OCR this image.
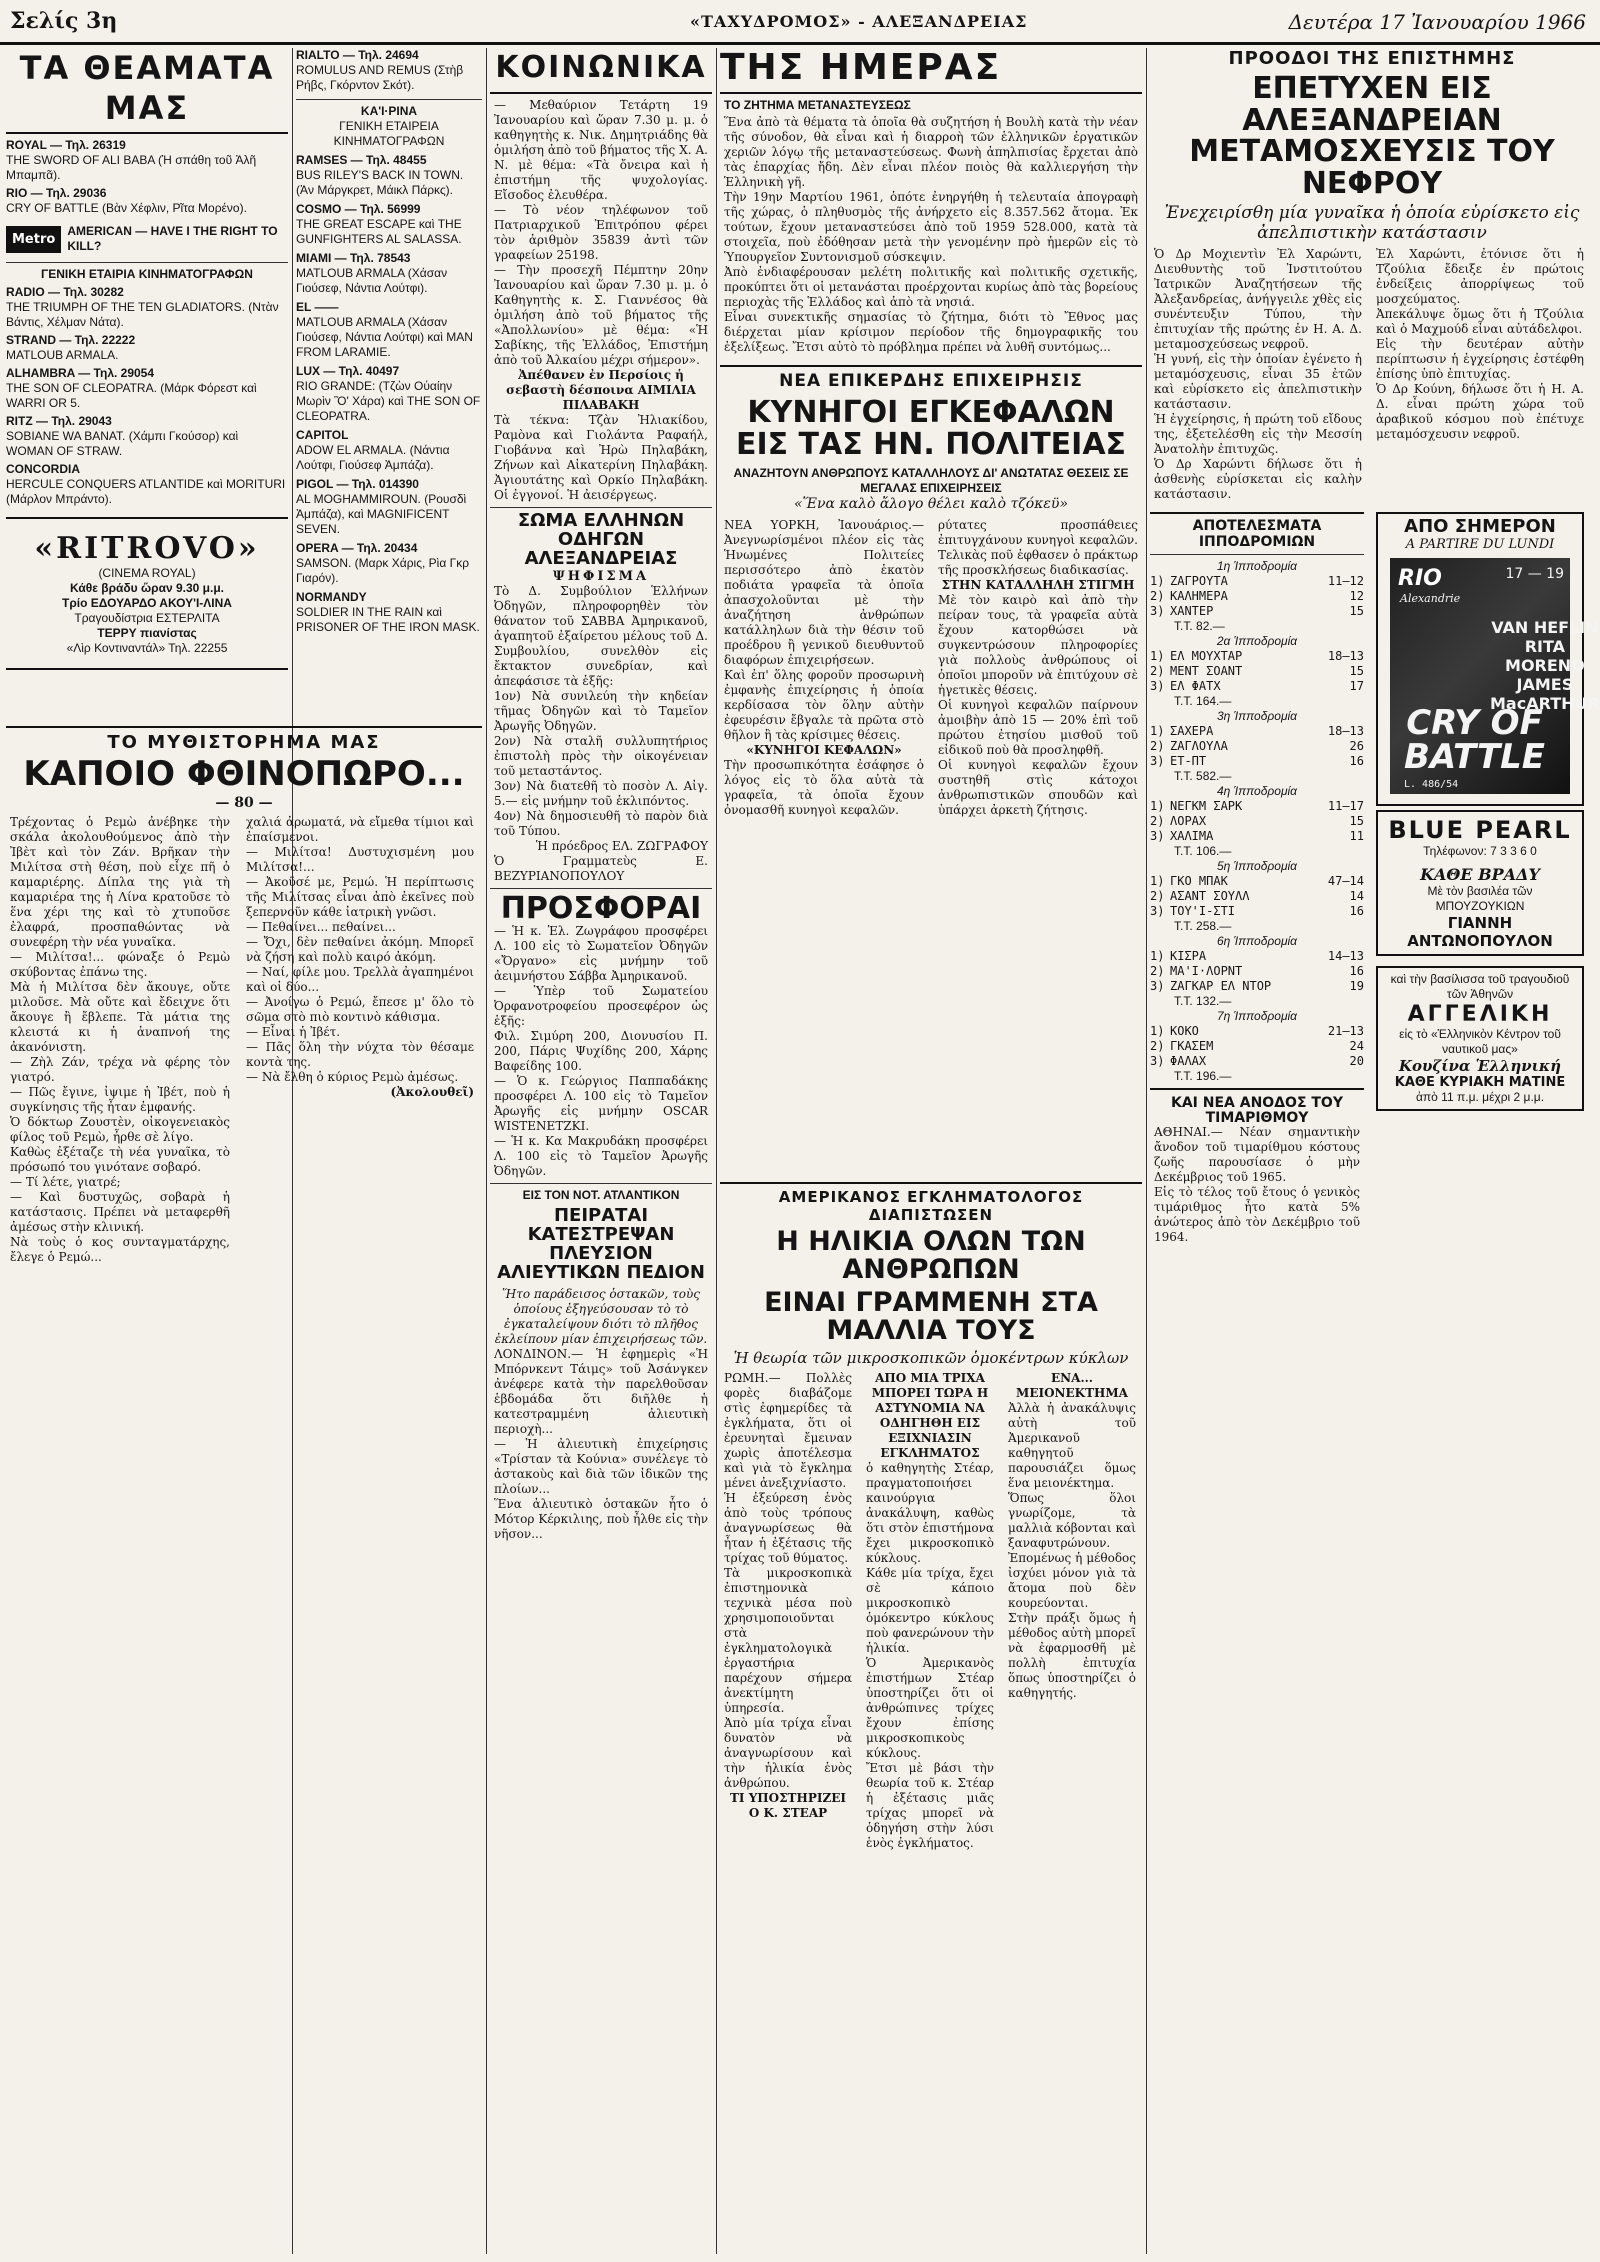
Σελίς 3η	«ΤΑΧΥΔΡΟΜΟΣ» - ΑΛΕΞΑΝΔΡΕΙΑΣ	Δευτέρα 17 Ἰανουαρίου 1966
ΤΑ ΘΕΑΜΑΤΑ ΜΑΣ
ROYAL — Τηλ. 26319
THE SWORD OF ALI BABA (Ἡ σπάθη τοῦ Ἀλῆ Μπαμπᾶ).
RIO — Τηλ. 29036
CRY OF BATTLE (Βὰν Χέφλιν, Ρῖτα Μορένο).
Metro
AMERICAN — HAVE I THE RIGHT TO KILL?
ΓΕΝΙΚΗ ΕΤΑΙΡΙΑ ΚΙΝΗΜΑΤΟΓΡΑΦΩΝ
RADIO — Τηλ. 30282
THE TRIUMPH OF THE TEN GLADIATORS. (Ντὰν Βάντις, Χέλμαν Νάτα).
STRAND — Τηλ. 22222
MATLOUB ARMALA.
ALHAMBRA — Τηλ. 29054
THE SON OF CLEOPATRA. (Μάρκ Φόρεστ καὶ WARRI OR 5.
RITZ — Τηλ. 29043
SOBIANE WA BANAT. (Χάμπι Γκούσορ) καὶ WOMAN OF STRAW.
CONCORDIA
HERCULE CONQUERS ATLANTIDE καὶ MORITURI (Μάρλον Μπράντο).
«RITROVO»
(CINEMA ROYAL)
Κάθε βράδυ ὥραν 9.30 μ.μ.
Τρίο ΕΔΟΥΑΡΔΟ ΑΚΟΥ'Ι-ΛΙΝΑ
Τραγουδίστρια ΕΣΤΕΡΛΙΤΑ
ΤΕΡΡΥ πιανίστας
«Λὶρ Κοντιναντάλ» Τηλ. 22255
RIALTO — Τηλ. 24694
ROMULUS AND REMUS (Στὴβ Ρήβς, Γκόρντον Σκότ).
ΚΑ'Ι·ΡΙΝΑ
ΓΕΝΙΚΗ ΕΤΑΙΡΕΙΑ ΚΙΝΗΜΑΤΟΓΡΑΦΩΝ
RAMSES — Τηλ. 48455
BUS RILEY'S BACK IN TOWN. (Ἀν Μάργκρετ, Μάικλ Πάρκς).
COSMO — Τηλ. 56999
THE GREAT ESCAPE καὶ THE GUNFIGHTERS AL SALASSA.
MIAMI — Τηλ. 78543
MATLOUB ARMALA (Χάσαν Γιούσεφ, Νάντια Λούτφι).
EL ——
MATLOUB ARMALA (Χάσαν Γιούσεφ, Νάντια Λούτφι) καὶ MAN FROM LARAMIE.
LUX — Τηλ. 40497
RIO GRANDE: (Τζὼν Οὐαίην Μωρὶν Ὃ' Χάρα) καὶ THE SON OF CLEOPATRA.
CAPITOL
ADOW EL ARMALA. (Νάντια Λούτφι, Γιούσεφ Ἀμπάζα).
PIGOL — Τηλ. 014390
AL MOGHAMMIROUN. (Ρουσδὶ Ἀμπάζα), καὶ MAGNIFICENT SEVEN.
OPERA — Τηλ. 20434
SAMSON. (Μαρκ Χάρις, Ρὶα Γκρ Γιαρόν).
NORMANDY
SOLDIER IN THE RAIN καὶ PRISONER OF THE IRON MASK.
ΤΟ ΜΥΘΙΣΤΟΡΗΜΑ ΜΑΣ
ΚΑΠΟΙΟ ΦΘΙΝΟΠΩΡΟ...
— 80 —

Τρέχοντας ὁ Ρεμὼ ἀνέβηκε τὴν σκάλα ἀκολουθούμενος ἀπὸ τὴν Ἰβὲτ καὶ τὸν Ζάν. Βρῆκαν τὴν Μιλίτσα στὴ θέση, ποὺ εἶχε πῆ ὁ καμαριέρης. Δίπλα της γιὰ τὴ καμαριέρα της ἡ Λίνα κρατοῦσε τὸ ἕνα χέρι της καὶ τὸ χτυποῦσε ἐλαφρά, προσπαθώντας νὰ συνεφέρη τὴν νέα γυναῖκα.

— Μιλίτσα!... φώναξε ὁ Ρεμὼ σκύβοντας ἐπάνω της.

Μὰ ἡ Μιλίτσα δὲν ἄκουγε, οὔτε μιλοῦσε. Μὰ οὔτε καὶ ἔδειχνε ὅτι ἄκουγε ἢ ἔβλεπε. Τὰ μάτια της κλειστά κι ἡ ἀναπνοή της ἀκανόνιστη.

— Ζὴλ Ζάν, τρέχα νὰ φέρης τὸν γιατρό.

— Πῶς ἔγινε, ἰψιμε ἡ Ἰβέτ, ποὺ ἡ συγκίνησις τῆς ἦταν ἐμφανής.

Ὁ δόκτωρ Ζουστὲν, οἰκογενειακὸς φίλος τοῦ Ρεμὼ, ἦρθε σὲ λίγο.

Καθὼς ἐξέταζε τὴ νέα γυναῖκα, τὸ πρόσωπό του γινότανε σοβαρό.

— Τί λέτε, γιατρέ;

— Καὶ δυστυχῶς, σοβαρὰ ἡ κατάστασις. Πρέπει νὰ μεταφερθῆ ἀμέσως στὴν κλινική.

Νὰ τοὺς ὁ κος συνταγματάρχης, ἔλεγε ὁ Ρεμώ...

χαλιά ἀρωματά, νὰ εἴμεθα τίμιοι καὶ ἐπαίσμενοι.

— Μιλίτσα! Δυστυχισμένη μου Μιλίτσα!...

— Ἀκοῦσέ με, Ρεμώ. Ἡ περίπτωσις τῆς Μιλίτσας εἶναι ἀπὸ ἐκεῖνες ποὺ ξεπερνοῦν κάθε ἰατρικὴ γνῶσι.

— Πεθαίνει... πεθαίνει...

— Ὄχι, δὲν πεθαίνει ἀκόμη. Μπορεῖ νὰ ζήση καὶ πολὺ καιρό ἀκόμη.

— Ναί, φίλε μου. Τρελλὰ ἀγαπημένοι καὶ οἱ δύο...

— Ἀνοίγω ὁ Ρεμώ, ἔπεσε μ' ὅλο τὸ σῶμα στὸ πιὸ κοντινὸ κάθισμα.

— Εἶναι ἡ Ἰβέτ.

— Πᾶς ὅλη τὴν νύχτα τὸν θέσαμε κοντὰ της.

— Νὰ ἔλθη ὁ κύριος Ρεμὼ ἀμέσως.

(Ἀκολουθεῖ)

ΚΟΙΝΩΝΙΚΑ

— Μεθαύριον Τετάρτη 19 Ἰανουαρίου καὶ ὥραν 7.30 μ. μ. ὁ καθηγητὴς κ. Νικ. Δημητριάδης θὰ ὁμιλήση ἀπὸ τοῦ βήματος τῆς Χ. Α. Ν. μὲ θέμα: «Τὰ ὄνειρα καὶ ἡ ἐπιστήμη τῆς ψυχολογίας. Εἴσοδος ἐλευθέρα.

— Τὸ νέον τηλέφωνον τοῦ Πατριαρχικοῦ Ἐπιτρόπου φέρει τὸν ἀριθμὸν 35839 ἀντὶ τῶν γραφείων 25198.

— Τὴν προσεχῆ Πέμπτην 20ην Ἰανουαρίου καὶ ὥραν 7.30 μ. μ. ὁ Καθηγητὴς κ. Σ. Γιαννέσος θὰ ὁμιλήση ἀπὸ τοῦ βήματος τῆς «Ἀπολλωνίου» μὲ θέμα: «Ἡ Σαβίκης, τῆς Ἑλλάδος, Ἐπιστήμη ἀπὸ τοῦ Ἀλκαίου μέχρι σήμερον».

Ἀπέθανεν ἐν Περσίοις ἡ σεβαστὴ δέσποινα ΑΙΜΙΛΙΑ ΠΙΛΑΒΑΚΗ

Τὰ τέκνα: Τζὰν Ἠλιακίδου, Ραμὸνα καὶ Γιολάντα Ραφαήλ, Γιοβάννα καὶ Ἠρὼ Πηλαβάκη, Ζήνων καὶ Αἰκατερίνη Πηλαβάκη. Ἀγιουτάτης καὶ Ορκίο Πηλαβάκη. Οἱ ἐγγονοί. Ἡ ἀεισέργεως.

ΣΩΜΑ ΕΛΛΗΝΩΝ ΟΔΗΓΩΝ ΑΛΕΞΑΝΔΡΕΙΑΣ
ΨΗΦΙΣΜΑ

Τὸ Δ. Συμβούλιον Ἑλλήνων Ὀδηγῶν, πληροφορηθὲν τὸν θάνατον τοῦ ΣΑΒΒΑ Ἀμηρικανοῦ, ἀγαπητοῦ ἐξαίρετου μέλους τοῦ Δ. Συμβουλίου, συνελθὸν εἰς ἔκτακτον συνεδρίαν, καὶ ἀπεφάσισε τὰ ἑξῆς:

1ον) Νὰ συνιλεύη τὴν κηδείαν τῆμας Ὀδηγῶν καὶ τὸ Ταμεῖον Ἀρωγῆς Ὀδηγῶν.

2ον) Νὰ σταλῆ συλλυπητήριος ἐπιστολὴ πρὸς τὴν οἰκογένειαν τοῦ μεταστάντος.

3ον) Νὰ διατεθῆ τὸ ποσὸν Λ. Αἰγ. 5.— εἰς μνήμην τοῦ ἐκλιπόντος.

4ον) Νὰ δημοσιευθῆ τὸ παρὸν διὰ τοῦ Τύπου.

Ἡ πρόεδρος ΕΛ. ΖΩΓΡΑΦΟΥ

Ὁ Γραμματεὺς Ε. ΒΕΖΥΡΙΑΝΟΠΟΥΛΟΥ

ΠΡΟΣΦΟΡΑΙ

— Ἡ κ. Ἑλ. Ζωγράφου προσφέρει Λ. 100 εἰς τὸ Σωματεῖον Ὀδηγῶν «Ὄργανο» εἰς μνήμην τοῦ ἀειμνήστου Σάββα Ἀμηρικανοῦ.

— Ὑπὲρ τοῦ Σωματείου Ὀρφανοτροφείου προσεφέρον ὡς ἑξῆς:

Φιλ. Σιμύρη 200, Διονυσίου Π. 200, Πάρις Ψυχίδης 200, Χάρης Βαφείδης 100.

— Ὁ κ. Γεώργιος Παππαδάκης προσφέρει Λ. 100 εἰς τὸ Ταμεῖον Ἀρωγῆς εἰς μνήμην OSCAR WISTENETZKI.

— Ἡ κ. Κα Μακρυδάκη προσφέρει Λ. 100 εἰς τὸ Ταμεῖον Ἀρωγῆς Ὀδηγῶν.

ΕΙΣ ΤΟΝ ΝΟΤ. ΑΤΛΑΝΤΙΚΟΝ
ΠΕΙΡΑΤΑΙ ΚΑΤΕΣΤΡΕΨΑΝ ΠΛΕΥΣΙΟΝ ΑΛΙΕΥΤΙΚΩΝ ΠΕΔΙΟΝ

Ἥτο παράδεισος ὁστακῶν, τοὺς ὁποίους ἐξηγεύσουσαν τὸ τὸ ἐγκαταλείψουν διότι τὸ πλῆθος ἐκλείπουν μίαν ἐπιχειρήσεως τῶν.

ΛΟΝΔΙΝΟΝ.— Ἡ ἐφημερὶς «Ἡ Μπόρνκεντ Τάιμς» τοῦ Ἀσάνγκεν ἀνέφερε κατὰ τὴν παρελθοῦσαν ἑβδομάδα ὅτι διῆλθε ἡ κατεστραμμένη ἀλιευτικὴ περιοχὴ...

— Ἡ ἀλιευτικὴ ἐπιχείρησις «Τρίσταν τὰ Κούνια» συνέλεγε τὸ ἀστακοὺς καὶ διὰ τῶν ἰδικῶν της πλοίων...

Ἕνα ἀλιευτικὸ ὁστακῶν ἦτο ὁ Μότορ Κέρκιλιης, ποὺ ἦλθε εἰς τὴν νῆσον...

ΤΗΣ ΗΜΕΡΑΣ
ΤΟ ΖΗΤΗΜΑ ΜΕΤΑΝΑΣΤΕΥΣΕΩΣ

Ἕνα ἀπὸ τὰ θέματα τὰ ὁποῖα θὰ συζητήση ἡ Βουλὴ κατὰ τὴν νέαν τῆς σύνοδον, θὰ εἶναι καὶ ἡ διαρροὴ τῶν ἑλληνικῶν ἐργατικῶν χεριῶν λόγῳ τῆς μεταναστεύσεως. Φωνὴ ἀπηλπισίας ἔρχεται ἀπὸ τὰς ἐπαρχίας ἤδη. Δὲν εἶναι πλέον ποιὸς θὰ καλλιεργήση τὴν Ἑλληνικὴ γῆ.

Τὴν 19ην Μαρτίου 1961, ὁπότε ἐνηργήθη ἡ τελευταία ἀπογραφὴ τῆς χώρας, ὁ πληθυσμὸς τῆς ἀνήρχετο εἰς 8.357.562 ἄτομα. Ἐκ τούτων, ἔχουν μεταναστεύσει ἀπὸ τοῦ 1959 528.000, κατὰ τὰ στοιχεῖα, ποὺ ἐδόθησαν μετὰ τὴν γενομένην πρὸ ἡμερῶν εἰς τὸ Ὑπουργεῖον Συντονισμοῦ σύσκεψιν.

Ἀπὸ ἐνδιαφέρουσαν μελέτη πολιτικῆς καὶ πολιτικῆς σχετικῆς, προκύπτει ὅτι οἱ μετανάσται προέρχονται κυρίως ἀπὸ τὰς βορείους περιοχὰς τῆς Ἑλλάδος καὶ ἀπὸ τὰ νησιά.

Εἶναι συνεκτικῆς σημασίας τὸ ζήτημα, διότι τὸ Ἔθνος μας διέρχεται μίαν κρίσιμον περίοδον τῆς δημογραφικῆς του ἐξελίξεως. Ἔτσι αὐτὸ τὸ πρόβλημα πρέπει νὰ λυθῆ συντόμως...

ΝΕΑ ΕΠΙΚΕΡΔΗΣ ΕΠΙΧΕΙΡΗΣΙΣ
ΚΥΝΗΓΟΙ ΕΓΚΕΦΑΛΩΝ ΕΙΣ ΤΑΣ ΗΝ. ΠΟΛΙΤΕΙΑΣ
ΑΝΑΖΗΤΟΥΝ ΑΝΘΡΩΠΟΥΣ ΚΑΤΑΛΛΗΛΟΥΣ ΔΙ' ΑΝΩΤΑΤΑΣ ΘΕΣΕΙΣ ΣΕ ΜΕΓΑΛΑΣ ΕΠΙΧΕΙΡΗΣΕΙΣ
«Ἕνα καλὸ ἄλογο θέλει καλὸ τζόκεϋ»

ΝΕΑ ΥΟΡΚΗ, Ἰανουάριος.— Ἀνεγνωρίσμένοι πλέον εἰς τὰς Ἡνωμένες Πολιτείες περισσότερο ἀπὸ ἑκατὸν ποδιάτα γραφεῖα τὰ ὁποῖα ἀπασχολοῦνται μὲ τὴν ἀναζήτηση ἀνθρώπων κατάλληλων διὰ τὴν θέσιν τοῦ προέδρου ἢ γενικοῦ διευθυντοῦ διαφόρων ἐπιχειρήσεων.

Καὶ ἐπ' ὅλης φοροῦν προσωρινὴ ἐμφανὴς ἐπιχείρησις ἡ ὁποία κερδίσασα τὸν ὅλην αὐτὴν ἐφευρέσιν ἔβγαλε τὰ πρῶτα στὸ θῆλον ἢ τὰς κρίσιμες θέσεις.

«ΚΥΝΗΓΟΙ ΚΕΦΑΛΩΝ»

Τὴν προσωπικότητα ἐσάφησε ὁ λόγος εἰς τὸ ὅλα αὐτὰ τὰ γραφεῖα, τὰ ὁποῖα ἔχουν ὀνομασθῆ κυνηγοὶ κεφαλῶν.

ρύτατες προσπάθειες ἐπιτυγχάνουν κυνηγοὶ κεφαλῶν. Τελικὰς ποῦ ἐφθασεν ὁ πράκτωρ τῆς προσκλήσεως διαδικασίας.

ΣΤΗΝ ΚΑΤΑΛΛΗΛΗ ΣΤΙΓΜΗ

Μὲ τὸν καιρὸ καὶ ἀπὸ τὴν πείραν τους, τὰ γραφεῖα αὐτὰ ἔχουν κατορθώσει νὰ συγκεντρώσουν πληροφορίες γιὰ πολλοὺς ἀνθρώπους οἱ ὁποῖοι μποροῦν νὰ ἐπιτύχουν σὲ ἡγετικὲς θέσεις.

Οἱ κυνηγοὶ κεφαλῶν παίρνουν ἀμοιβὴν ἀπὸ 15 — 20% ἐπὶ τοῦ πρώτου ἐτησίου μισθοῦ τοῦ εἰδικοῦ ποὺ θὰ προσληφθῆ.

Οἱ κυνηγοὶ κεφαλῶν ἔχουν συστηθῆ στὶς κάτοχοι ἀνθρωπιστικῶν σπουδῶν καὶ ὑπάρχει ἀρκετὴ ζήτησις.

ΑΜΕΡΙΚΑΝΟΣ ΕΓΚΛΗΜΑΤΟΛΟΓΟΣ ΔΙΑΠΙΣΤΩΣΕΝ
Η ΗΛΙΚΙΑ ΟΛΩΝ ΤΩΝ ΑΝΘΡΩΠΩΝ
ΕΙΝΑΙ ΓΡΑΜΜΕΝΗ ΣΤΑ ΜΑΛΛΙΑ ΤΟΥΣ
Ἡ θεωρία τῶν μικροσκοπικῶν ὁμοκέντρων κύκλων

ΡΩΜΗ.— Πολλὲς φορὲς διαβάζομε στὶς ἐφημερίδες τὰ ἐγκλήματα, ὅτι οἱ ἐρευνηταὶ ἔμειναν χωρὶς ἀποτέλεσμα καὶ γιὰ τὸ ἔγκλημα μένει ἀνεξιχνίαστο.

Ἡ ἐξεύρεση ἑνὸς ἀπὸ τοὺς τρόπους ἀναγνωρίσεως θὰ ἦταν ἡ ἐξέτασις τῆς τρίχας τοῦ θύματος.

Τὰ μικροσκοπικὰ ἐπιστημονικὰ τεχνικὰ μέσα ποὺ χρησιμοποιοῦνται στὰ ἐγκληματολογικὰ ἐργαστήρια παρέχουν σήμερα ἀνεκτίμητη ὑπηρεσία.

Ἀπὸ μία τρίχα εἶναι δυνατὸν νὰ ἀναγνωρίσουν καὶ τὴν ἡλικία ἑνὸς ἀνθρώπου.

ΤΙ ΥΠΟΣΤΗΡΙΖΕΙ Ο Κ. ΣΤΕΑΡ

ΑΠΟ ΜΙΑ ΤΡΙΧΑ ΜΠΟΡΕΙ ΤΩΡΑ Η ΑΣΤΥΝΟΜΙΑ ΝΑ ΟΔΗΓΗΘΗ ΕΙΣ ΕΞΙΧΝΙΑΣΙΝ ΕΓΚΛΗΜΑΤΟΣ

ὁ καθηγητὴς Στέαρ, πραγματοποιήσει καινούργια ἀνακάλυψη, καθὼς ὅτι στὸν ἐπιστήμονα ἔχει μικροσκοπικὸ κύκλους.

Κάθε μία τρίχα, ἔχει σὲ κάποιο μικροσκοπικὸ ὁμόκεντρο κύκλους ποὺ φανερώνουν τὴν ἡλικία.

Ὁ Ἀμερικανὸς ἐπιστήμων Στέαρ ὑποστηρίζει ὅτι οἱ ἀνθρώπινες τρίχες ἔχουν ἐπίσης μικροσκοπικοὺς κύκλους.

Ἔτσι μὲ βάσι τὴν θεωρία τοῦ κ. Στέαρ ἡ ἐξέτασις μιᾶς τρίχας μπορεῖ νὰ ὁδηγήση στὴν λύσι ἑνὸς ἐγκλήματος.

ΕΝΑ... ΜΕΙΟΝΕΚΤΗΜΑ

Ἀλλὰ ἡ ἀνακάλυψις αὐτὴ τοῦ Ἀμερικανοῦ καθηγητοῦ παρουσιάζει ὅμως ἕνα μειονέκτημα.

Ὅπως ὅλοι γνωρίζομε, τὰ μαλλιὰ κόβονται καὶ ξαναφυτρώνουν. Ἐπομένως ἡ μέθοδος ἰσχύει μόνον γιὰ τὰ ἄτομα ποὺ δὲν κουρεύονται.

Στὴν πράξι ὅμως ἡ μέθοδος αὐτὴ μπορεῖ νὰ ἐφαρμοσθῆ μὲ πολλὴ ἐπιτυχία ὅπως ὑποστηρίζει ὁ καθηγητής.

ΠΡΟΟΔΟΙ ΤΗΣ ΕΠΙΣΤΗΜΗΣ
ΕΠΕΤΥΧΕΝ ΕΙΣ ΑΛΕΞΑΝΔΡΕΙΑΝ ΜΕΤΑΜΟΣΧΕΥΣΙΣ ΤΟΥ ΝΕΦΡΟΥ
Ἐνεχειρίσθη μία γυναῖκα ἡ ὁποία εὑρίσκετο εἰς ἀπελπιστικὴν κατάστασιν

Ὁ Δρ Μοχιεντὶν Ἐλ Χαρώντι, Διευθυντὴς τοῦ Ἰνστιτούτου Ἰατρικῶν Ἀναζητήσεων τῆς Ἀλεξανδρείας, ἀνήγγειλε χθὲς εἰς συνέντευξιν Τύπου, τὴν ἐπιτυχίαν τῆς πρώτης ἐν Η. Α. Δ. μεταμοσχεύσεως νεφροῦ.

Ἡ γυνή, εἰς τὴν ὁποίαν ἐγένετο ἡ μεταμόσχευσις, εἶναι 35 ἐτῶν καὶ εὑρίσκετο εἰς ἀπελπιστικὴν κατάστασιν.

Ἡ ἐγχείρησις, ἡ πρώτη τοῦ εἴδους της, ἐξετελέσθη εἰς τὴν Μεσσίη Ἀνατολὴν ἐπιτυχῶς.

Ὁ Δρ Χαρώντι δήλωσε ὅτι ἡ ἀσθενὴς εὑρίσκεται εἰς καλὴν κατάστασιν.

Ἐλ Χαρώντι, ἐτόνισε ὅτι ἡ Τζούλια ἔδειξε ἐν πρώτοις ἐνδείξεις ἀπορρίψεως τοῦ μοσχεύματος.

Ἀπεκάλυψε ὅμως ὅτι ἡ Τζούλια καὶ ὁ Μαχμούδ εἶναι αὐτάδελφοι.

Εἰς τὴν δευτέραν αὐτὴν περίπτωσιν ἡ ἐγχείρησις ἐστέφθη ἐπίσης ὑπὸ ἐπιτυχίας.

Ὁ Δρ Κούνη, δήλωσε ὅτι ἡ Η. Α. Δ. εἶναι πρώτη χώρα τοῦ ἀραβικοῦ κόσμου ποὺ ἐπέτυχε μεταμόσχευσιν νεφροῦ.

ΑΠΟΤΕΛΕΣΜΑΤΑ ΙΠΠΟΔΡΟΜΙΩΝ
1η Ἱπποδρομία
1) ΖΑΓΡΟΥΤΑ	11—12
2) ΚΑΛΗΜΕΡΑ	12
3) ΧΑΝΤΕΡ	15
Τ.Τ. 82.—
2α Ἱπποδρομία
1) ΕΛ ΜΟΥΧΤΑΡ	18—13
2) ΜΕΝΤ ΣΟΑΝΤ	15
3) ΕΛ ΦΑΤΧ	17
Τ.Τ. 164.—
3η Ἱπποδρομία
1) ΣΑΧΕΡΑ	18—13
2) ΖΑΓΛΟΥΛΑ	26
3) ΕΤ-ΠΤ	16
Τ.Τ. 582.—
4η Ἱπποδρομία
1) ΝΕΓΚΜ ΣΑΡΚ	11—17
2) ΛΟΡΑΧ	15
3) ΧΑΛΙΜΑ	11
Τ.Τ. 106.—
5η Ἱπποδρομία
1) ΓΚΟ ΜΠΑΚ	47—14
2) ΑΣΑΝΤ ΣΟΥΛΛ	14
3) ΤΟΥ'Ι-ΣΤΙ	16
Τ.Τ. 258.—
6η Ἱπποδρομία
1) ΚΙΣΡΑ	14—13
2) ΜΑ'Ι·ΛΟΡΝΤ	16
3) ΖΑΓΚΑΡ ΕΛ ΝΤΟΡ	19
Τ.Τ. 132.—
7η Ἱπποδρομία
1) ΚΟΚΟ	21—13
2) ΓΚΑΣΕΜ	24
3) ΦΑΛΑΧ	20
Τ.Τ. 196.—
ΚΑΙ ΝΕΑ ΑΝΟΔΟΣ ΤΟΥ ΤΙΜΑΡΙΘΜΟΥ

ΑΘΗΝΑΙ.— Νέαν σημαντικὴν ἄνοδον τοῦ τιμαρίθμου κόστους ζωῆς παρουσίασε ὁ μὴν Δεκέμβριος τοῦ 1965.

Εἰς τὸ τέλος τοῦ ἔτους ὁ γενικὸς τιμάριθμος ἦτο κατὰ 5% ἀνώτερος ἀπὸ τὸν Δεκέμβριο τοῦ 1964.

ΑΠΟ ΣΗΜΕΡΟΝ
A PARTIRE DU LUNDI
RIO	17 — 19
Alexandrie
VAN HEFLIN
RITA MORENO
JAMES MacARTHUR
CRY OF
BATTLE
L. 486/54
BLUE PEARL
Τηλέφωνον: 7 3 3 6 0
ΚΑΘΕ ΒΡΑΔΥ
Μὲ τὸν βασιλέα τῶν ΜΠΟΥΖΟΥΚΙΩΝ
ΓΙΑΝΝΗ ΑΝΤΩΝΟΠΟΥΛΟΝ
καὶ τὴν βασίλισσα τοῦ τραγουδιοῦ τῶν Ἀθηνῶν
ΑΓΓΕΛΙΚΗ
εἰς τὸ «Ἑλληνικὸν Κέντρον τοῦ ναυτικοῦ μας»
Κουζίνα Ἑλληνική
ΚΑΘΕ ΚΥΡΙΑΚΗ ΜΑΤΙΝΕ
ἀπὸ 11 π.μ. μέχρι 2 μ.μ.
